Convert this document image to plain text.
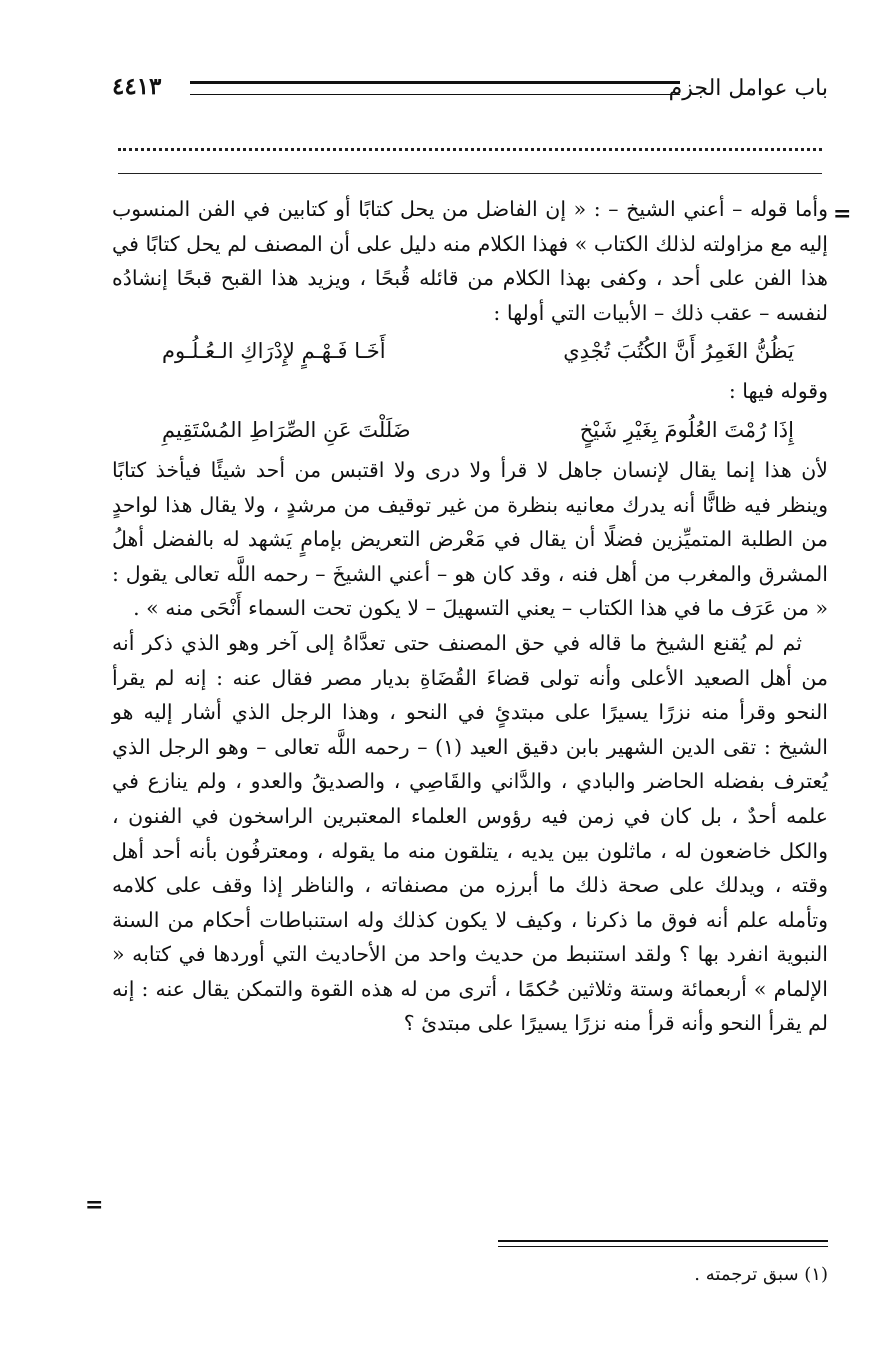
باب عوامل الجزم
٤٤١٣
=

وأما قوله – أعني الشيخ – : « إن الفاضل من يحل كتابًا أو كتابين في الفن المنسوب إليه مع مزاولته لذلك الكتاب » فهذا الكلام منه دليل على أن المصنف لم يحل كتابًا في هذا الفن على أحد ، وكفى بهذا الكلام من قائله قُبحًا ، ويزيد هذا القبح قبحًا إنشادُه لنفسه – عقب ذلك – الأبيات التي أولها :

يَظُنُّ الغَمِرُ أَنَّ الكُتُبَ تُجْدِي
أَخَـا فَـهْـمٍ لإِدْرَاكِ الـعُـلُـوم

وقوله فيها :

إِذَا رُمْتَ العُلُومَ بِغَيْرِ شَيْخٍ
ضَلَلْتَ عَنِ الصِّرَاطِ المُسْتَقِيمِ

لأن هذا إنما يقال لإنسان جاهل لا قرأ ولا درى ولا اقتبس من أحد شيئًا فيأخذ كتابًا وينظر فيه ظانًّا أنه يدرك معانيه بنظرة من غير توقيف من مرشدٍ ، ولا يقال هذا لواحدٍ من الطلبة المتميِّزين فضلًا أن يقال في مَعْرض التعريض بإمامٍ يَشهد له بالفضل أهلُ المشرق والمغرب من أهل فنه ، وقد كان هو – أعني الشيخَ – رحمه اللَّه تعالى يقول : « من عَرَف ما في هذا الكتاب – يعني التسهيلَ – لا يكون تحت السماء أَنْحَى منه » .

ثم لم يُقنع الشيخ ما قاله في حق المصنف حتى تعدَّاهُ إلى آخر وهو الذي ذكر أنه من أهل الصعيد الأعلى وأنه تولى قضاءَ القُضَاةِ بديار مصر فقال عنه : إنه لم يقرأ النحو وقرأ منه نزرًا يسيرًا على مبتدئٍ في النحو ، وهذا الرجل الذي أشار إليه هو الشيخ : تقى الدين الشهير بابن دقيق العيد (١) – رحمه اللَّه تعالى – وهو الرجل الذي يُعترف بفضله الحاضر والبادي ، والدَّاني والقَاصِي ، والصديقُ والعدو ، ولم ينازع في علمه أحدٌ ، بل كان في زمن فيه رؤوس العلماء المعتبرين الراسخون في الفنون ، والكل خاضعون له ، ماثلون بين يديه ، يتلقون منه ما يقوله ، ومعترفُون بأنه أحد أهل وقته ، ويدلك على صحة ذلك ما أبرزه من مصنفاته ، والناظر إذا وقف على كلامه وتأمله علم أنه فوق ما ذكرنا ، وكيف لا يكون كذلك وله استنباطات أحكام من السنة النبوية انفرد بها ؟ ولقد استنبط من حديث واحد من الأحاديث التي أوردها في كتابه « الإلمام » أربعمائة وستة وثلاثين حُكمًا ، أترى من له هذه القوة والتمكن يقال عنه : إنه لم يقرأ النحو وأنه قرأ منه نزرًا يسيرًا على مبتدئ ؟

=
(١) سبق ترجمته .
